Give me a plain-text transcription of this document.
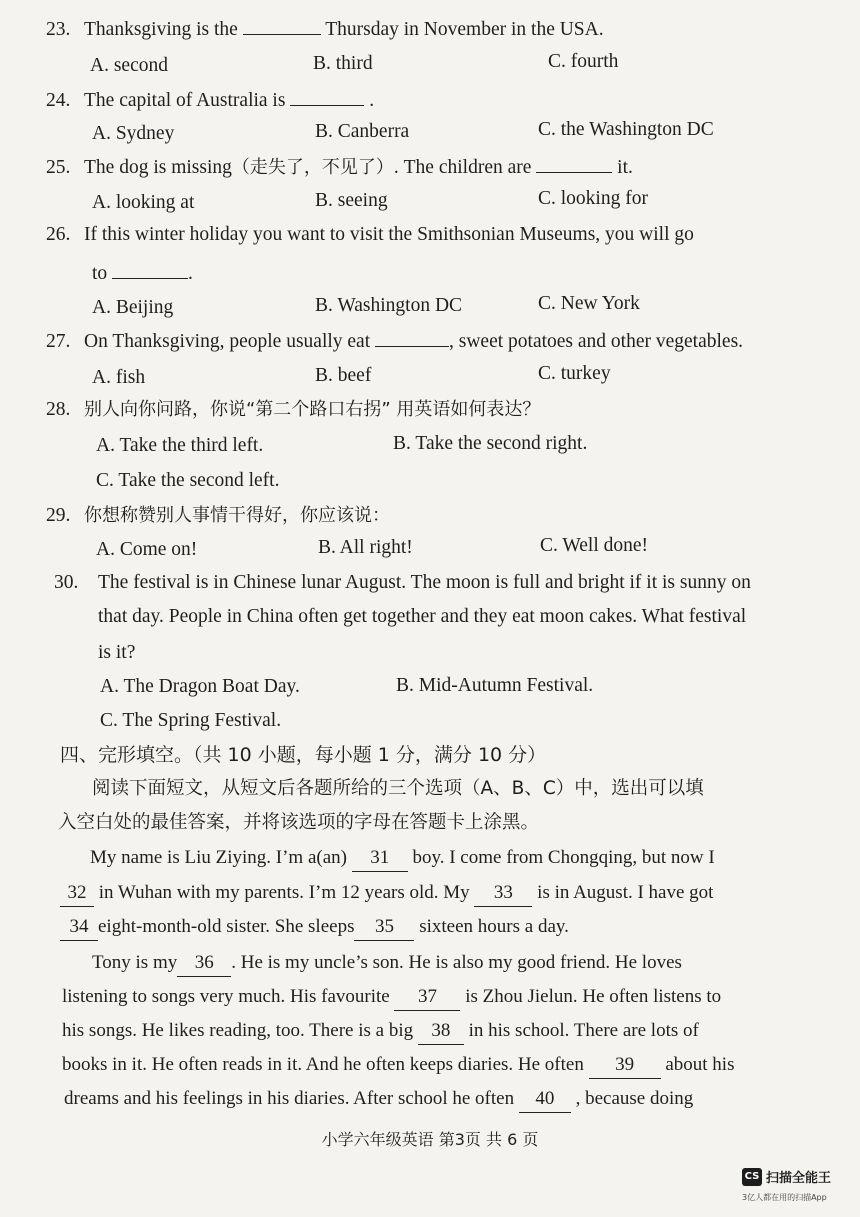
23. Thanksgiving is the	Thursday in November in the USA.
A. second	B. third	C. fourth
24. The capital of Australia is	.
A. Sydney	B. Canberra	C. the Washington DC
25. The dog is missing（走失了，不见了）. The children are	it.
A. looking at	B. seeing	C. looking for
26. If this winter holiday you want to visit the Smithsonian Museums, you will go
to	.
A. Beijing	B. Washington DC	C. New York
27. On Thanksgiving, people usually eat	, sweet potatoes and other vegetables.
A. fish	B. beef	C. turkey
28. 别人向你问路，你说“第二个路口右拐” 用英语如何表达？
A. Take the third left.	B. Take the second right.
C. Take the second left.
29. 你想称赞别人事情干得好，你应该说：
A. Come on!	B. All right!	C. Well done!
30. The festival is in Chinese lunar August. The moon is full and bright if it is sunny on
that day. People in China often get together and they eat moon cakes. What festival
is it?
A. The Dragon Boat Day.	B. Mid-Autumn Festival.
C. The Spring Festival.
四、完形填空。（共 10 小题，每小题 1 分，满分 10 分）
阅读下面短文，从短文后各题所给的三个选项（A、B、C）中，选出可以填
入空白处的最佳答案，并将该选项的字母在答题卡上涂黑。
My name is Liu Ziying. I’m a(an) 31 boy. I come from Chongqing, but now I
32 in Wuhan with my parents. I’m 12 years old. My 33 is in August. I have got
34 eight-month-old sister. She sleeps 35 sixteen hours a day.
Tony is my 36 . He is my uncle’s son. He is also my good friend. He loves
listening to songs very much. His favourite 37 is Zhou Jielun. He often listens to
his songs. He likes reading, too. There is a big 38 in his school. There are lots of
books in it. He often reads in it. And he often keeps diaries. He often 39 about his
dreams and his feelings in his diaries. After school he often 40 , because doing
小学六年级英语 第3页 共 6 页
CS 扫描全能王
3亿人都在用的扫描App
